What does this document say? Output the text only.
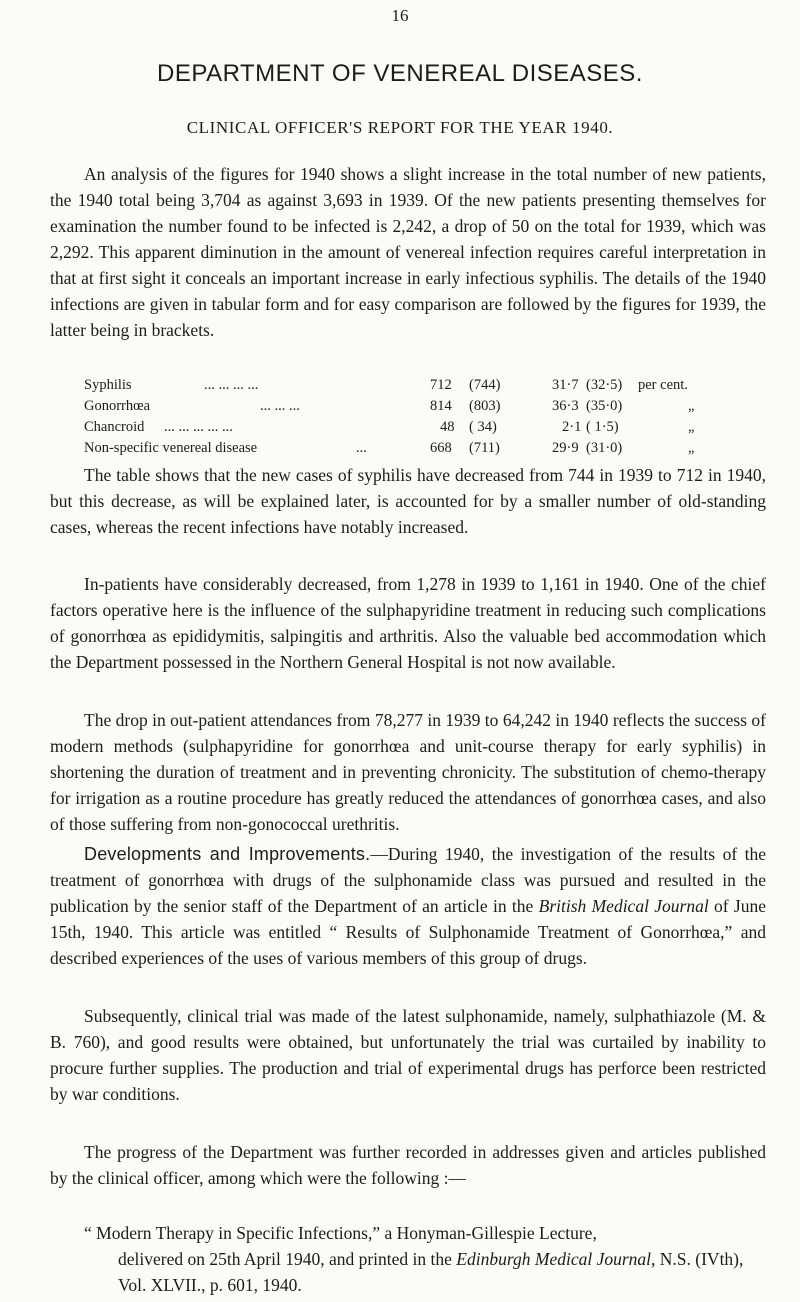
16
DEPARTMENT OF VENEREAL DISEASES.
CLINICAL OFFICER'S REPORT FOR THE YEAR 1940.

An analysis of the figures for 1940 shows a slight increase in the total number of new patients, the 1940 total being 3,704 as against 3,693 in 1939. Of the new patients presenting themselves for examination the number found to be infected is 2,242, a drop of 50 on the total for 1939, which was 2,292. This apparent diminution in the amount of venereal infection requires careful interpretation in that at first sight it conceals an important increase in early infectious syphilis. The details of the 1940 infections are given in tabular form and for easy comparison are followed by the figures for 1939, the latter being in brackets.

Syphilis	... ... ... ...	712	(744)	31·7 (32·5) per cent.
Gonorrhœa	... ... ...	814	(803)	36·3 (35·0)	„
Chancroid ... ... ... ... ...	48	( 34)	2·1 ( 1·5)	„
Non-specific venereal disease	...	668	(711)	29·9 (31·0)	„

The table shows that the new cases of syphilis have decreased from 744 in 1939 to 712 in 1940, but this decrease, as will be explained later, is accounted for by a smaller number of old-standing cases, whereas the recent infections have notably increased.

In-patients have considerably decreased, from 1,278 in 1939 to 1,161 in 1940. One of the chief factors operative here is the influence of the sulphapyridine treatment in reducing such complications of gonorrhœa as epididymitis, salpingitis and arthritis. Also the valuable bed accommodation which the Department possessed in the Northern General Hospital is not now available.

The drop in out-patient attendances from 78,277 in 1939 to 64,242 in 1940 reflects the success of modern methods (sulphapyridine for gonorrhœa and unit-course therapy for early syphilis) in shortening the duration of treatment and in preventing chronicity. The substitution of chemo-therapy for irrigation as a routine procedure has greatly reduced the attendances of gonorrhœa cases, and also of those suffering from non-gonococcal urethritis.

Developments and Improvements.—During 1940, the investigation of the results of the treatment of gonorrhœa with drugs of the sulphonamide class was pursued and resulted in the publication by the senior staff of the Department of an article in the British Medical Journal of June 15th, 1940. This article was entitled “ Results of Sulphonamide Treatment of Gonorrhœa,” and described experiences of the uses of various members of this group of drugs.

Subsequently, clinical trial was made of the latest sulphonamide, namely, sulphathiazole (M. & B. 760), and good results were obtained, but unfortunately the trial was curtailed by inability to procure further supplies. The production and trial of experimental drugs has perforce been restricted by war conditions.

The progress of the Department was further recorded in addresses given and articles published by the clinical officer, among which were the following :—

“ Modern Therapy in Specific Infections,” a Honyman-Gillespie Lecture,
delivered on 25th April 1940, and printed in the Edinburgh Medical Journal, N.S. (IVth), Vol. XLVII., p. 601, 1940.
